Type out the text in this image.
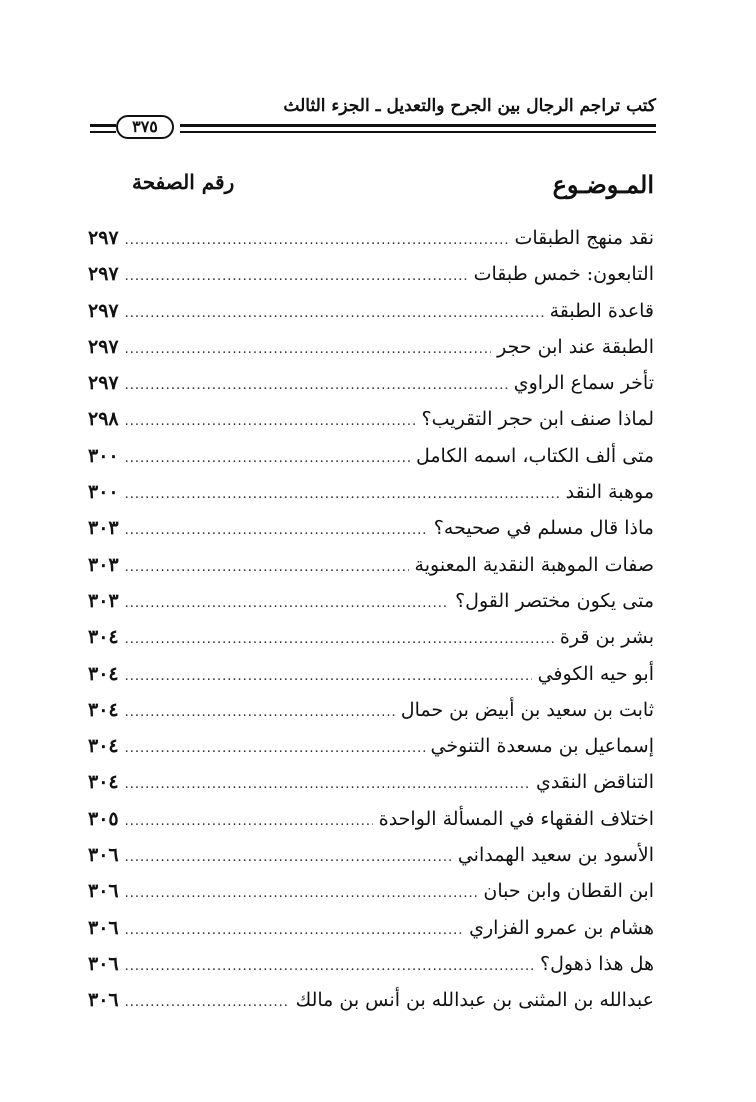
كتب تراجم الرجال بين الجرح والتعديل ـ الجزء الثالث
٣٧٥
المـوضـوع
رقم الصفحة
نقد منهج الطبقات
.....
٢٩٧
التابعون: خمس طبقات
.....
٢٩٧
قاعدة الطبقة
.....
٢٩٧
الطبقة عند ابن حجر
.....
٢٩٧
تأخر سماع الراوي
.....
٢٩٧
لماذا صنف ابن حجر التقريب؟
.....
٢٩٨
متى ألف الكتاب، اسمه الكامل
.....
٣٠٠
موهبة النقد
.....
٣٠٠
ماذا قال مسلم في صحيحه؟
.....
٣٠٣
صفات الموهبة النقدية المعنوية
.....
٣٠٣
متى يكون مختصر القول؟
.....
٣٠٣
بشر بن قرة
.....
٣٠٤
أبو حيه الكوفي
.....
٣٠٤
ثابت بن سعيد بن أبيض بن حمال
.....
٣٠٤
إسماعيل بن مسعدة التنوخي
.....
٣٠٤
التناقض النقدي
.....
٣٠٤
اختلاف الفقهاء في المسألة الواحدة
.....
٣٠٥
الأسود بن سعيد الهمداني
.....
٣٠٦
ابن القطان وابن حبان
.....
٣٠٦
هشام بن عمرو الفزاري
.....
٣٠٦
هل هذا ذهول؟
.....
٣٠٦
عبدالله بن المثنى بن عبدالله بن أنس بن مالك
.....
٣٠٦
